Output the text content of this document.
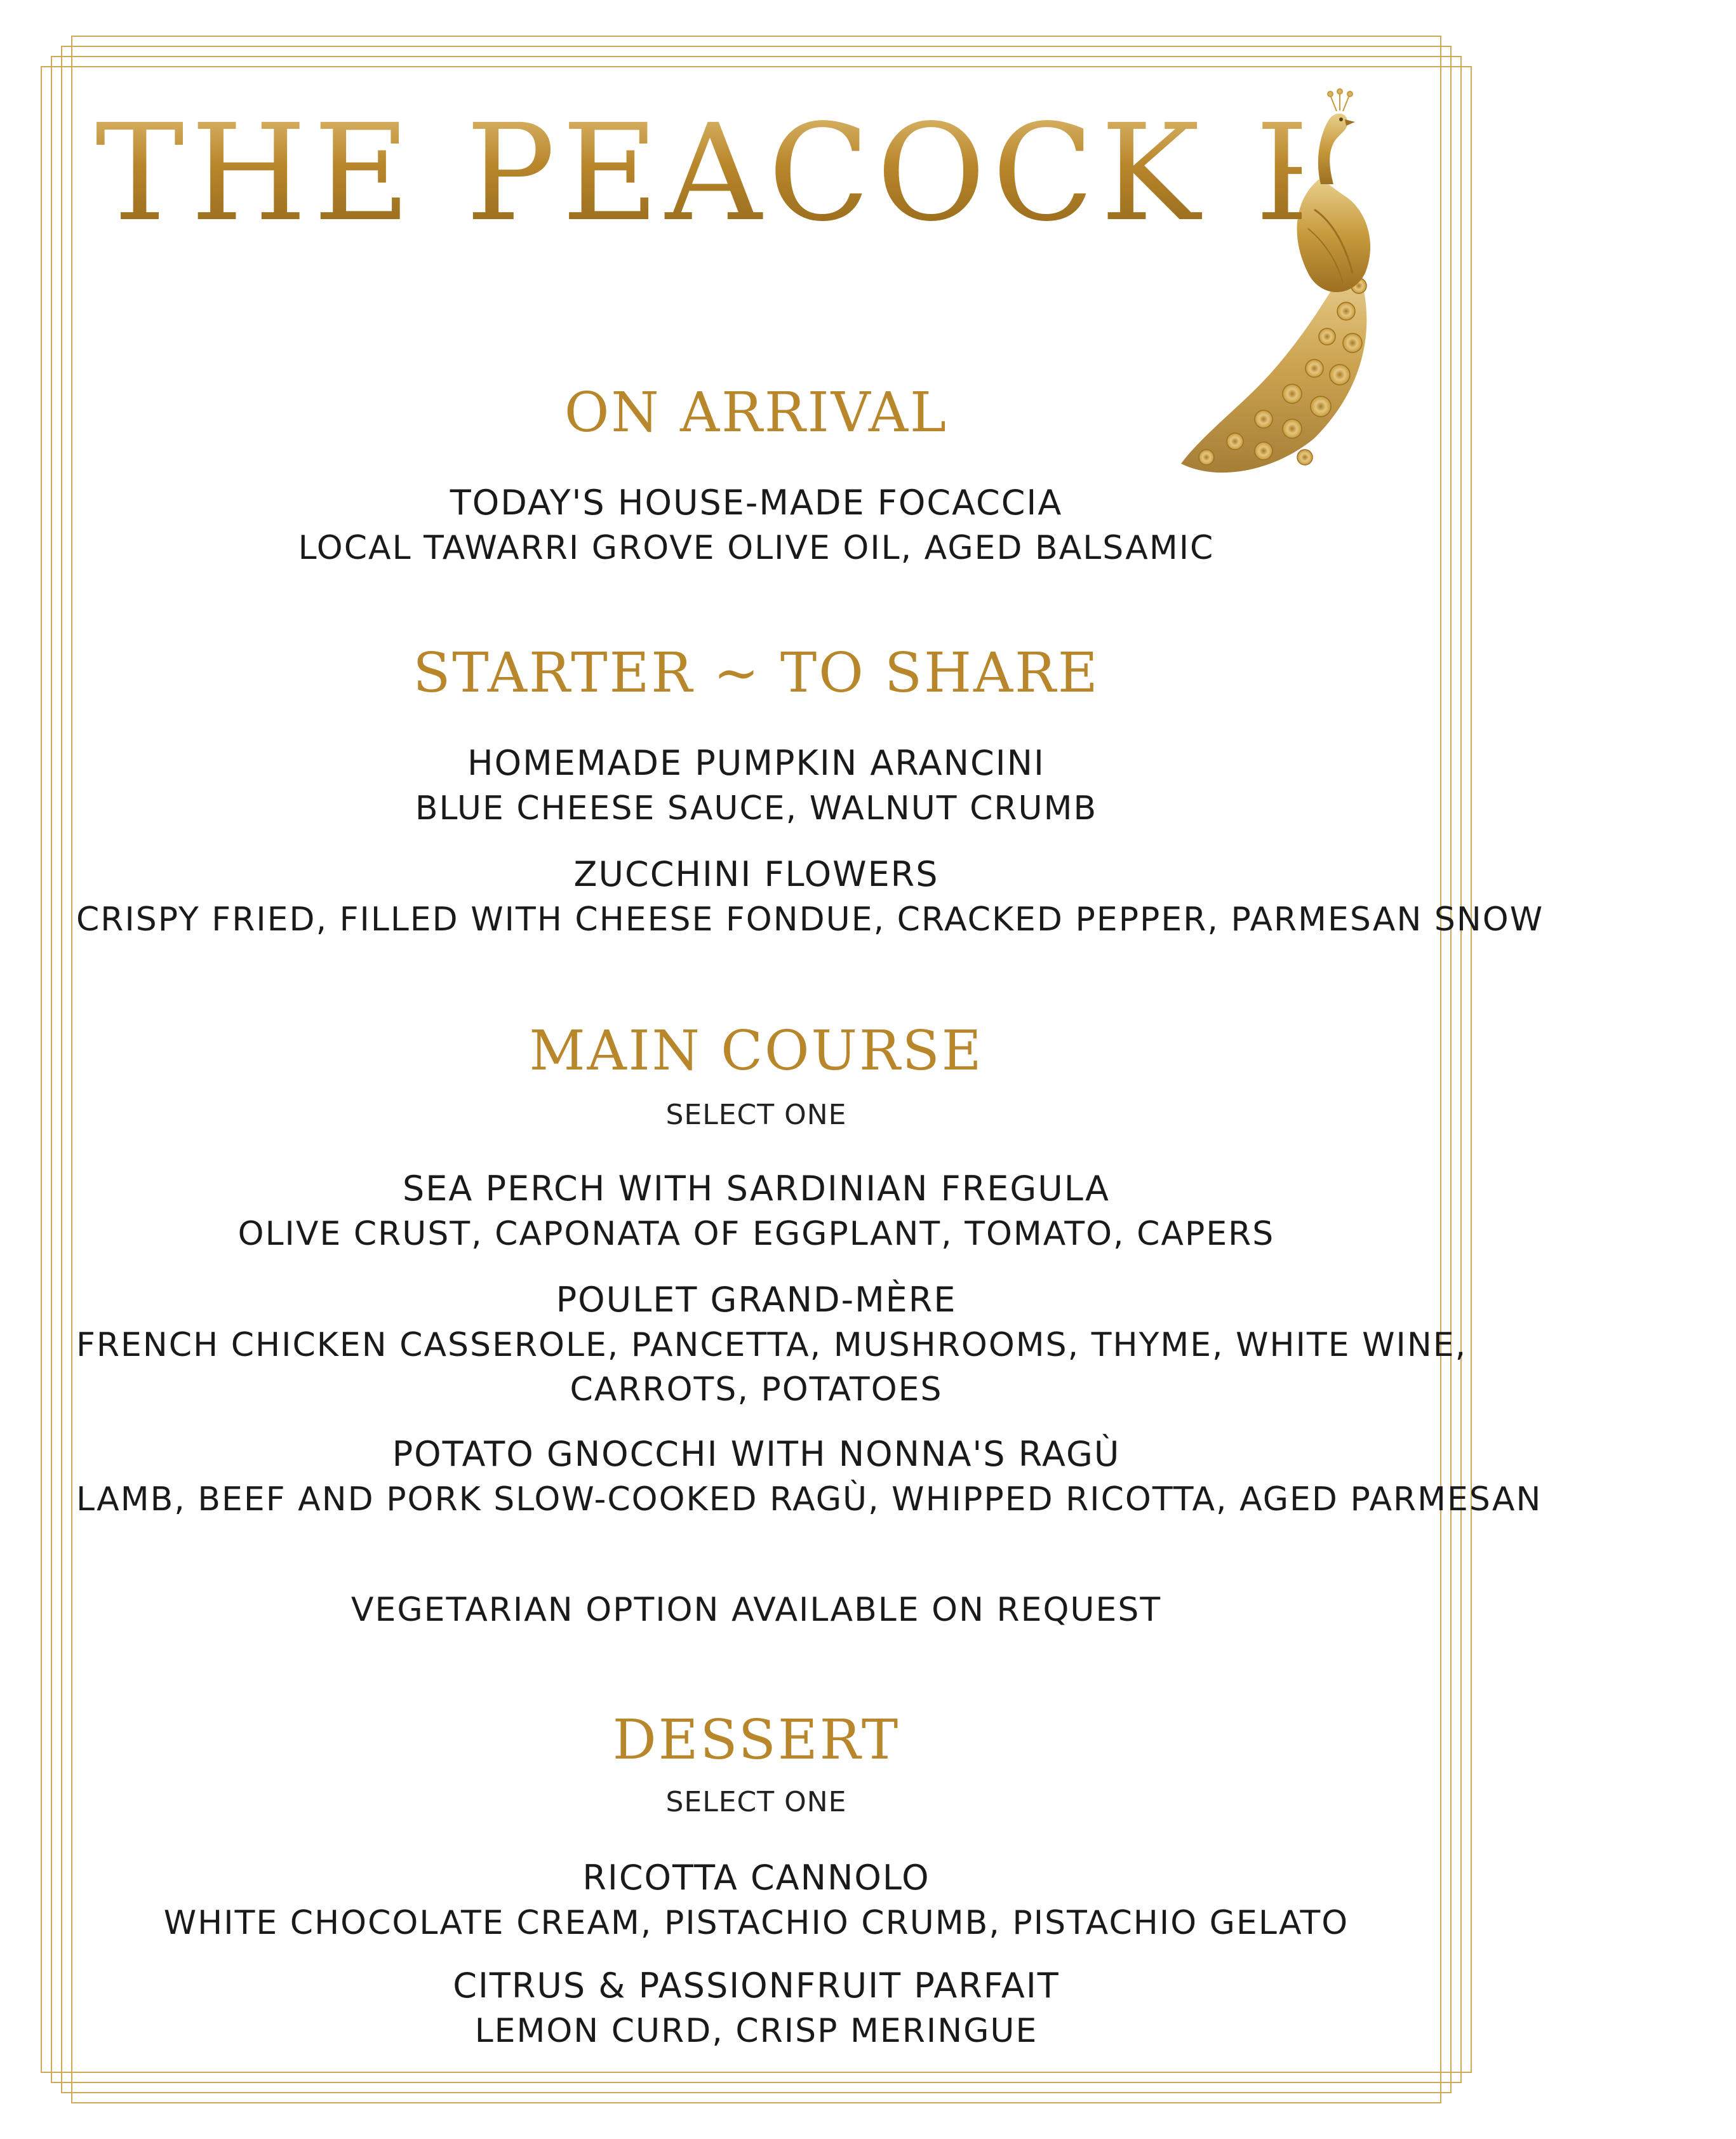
THE PEACOCK ROOM
ON ARRIVAL
TODAY'S HOUSE-MADE FOCACCIA
LOCAL TAWARRI GROVE OLIVE OIL, AGED BALSAMIC
STARTER ~ TO SHARE
HOMEMADE PUMPKIN ARANCINI
BLUE CHEESE SAUCE, WALNUT CRUMB
ZUCCHINI FLOWERS
CRISPY FRIED, FILLED WITH CHEESE FONDUE, CRACKED PEPPER, PARMESAN SNOW
MAIN COURSE
SELECT ONE
SEA PERCH WITH SARDINIAN FREGULA
OLIVE CRUST, CAPONATA OF EGGPLANT, TOMATO, CAPERS
POULET GRAND-MÈRE
FRENCH CHICKEN CASSEROLE, PANCETTA, MUSHROOMS, THYME, WHITE WINE,
CARROTS, POTATOES
POTATO GNOCCHI WITH NONNA'S RAGÙ
LAMB, BEEF AND PORK SLOW-COOKED RAGÙ, WHIPPED RICOTTA, AGED PARMESAN
VEGETARIAN OPTION AVAILABLE ON REQUEST
DESSERT
SELECT ONE
RICOTTA CANNOLO
WHITE CHOCOLATE CREAM, PISTACHIO CRUMB, PISTACHIO GELATO
CITRUS & PASSIONFRUIT PARFAIT
LEMON CURD, CRISP MERINGUE
